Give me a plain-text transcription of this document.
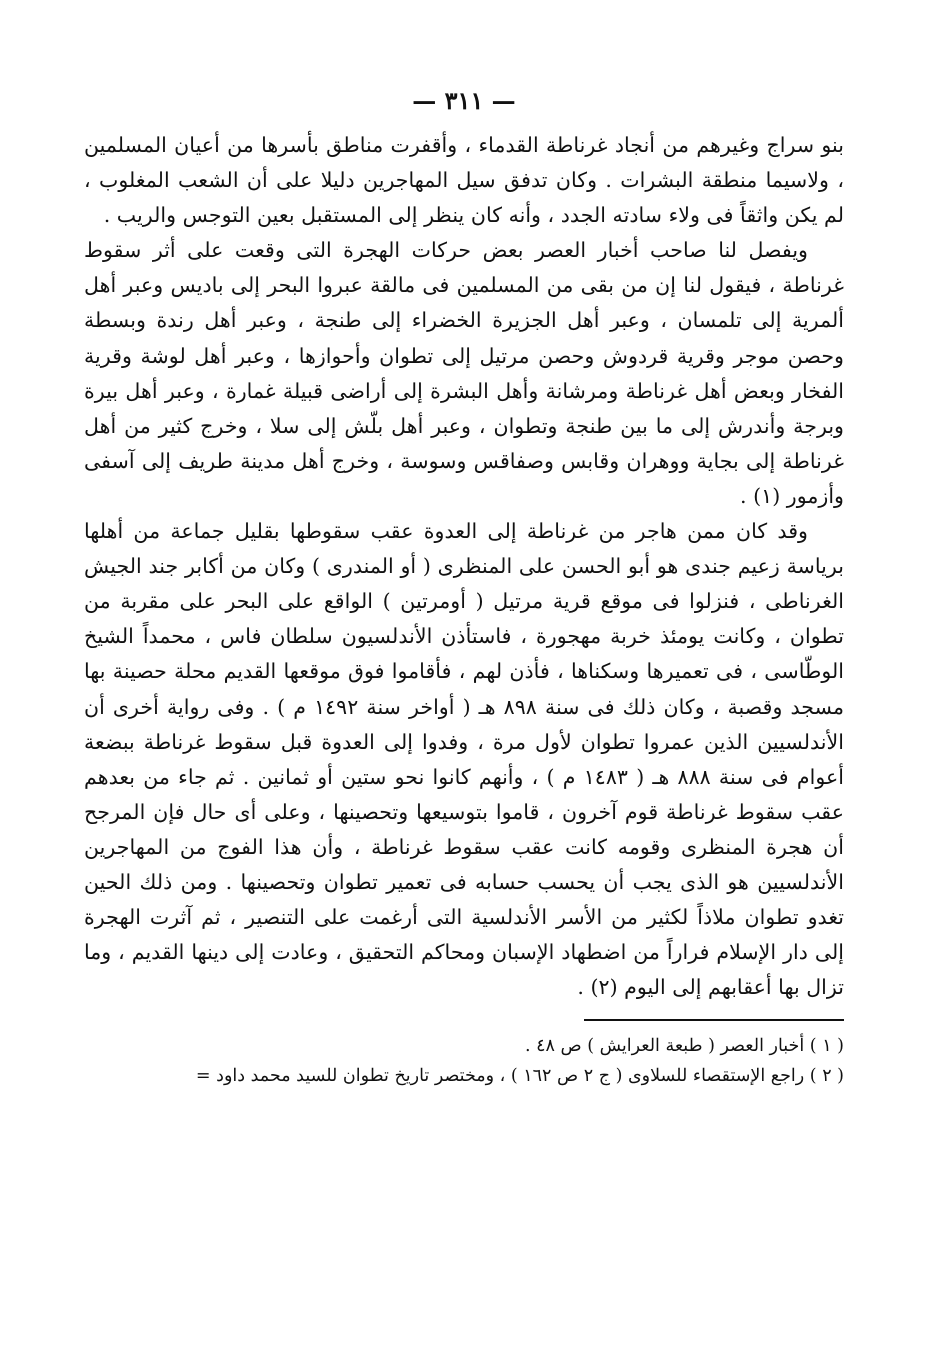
— ٣١١ —

بنو سراج وغيرهم من أنجاد غرناطة القدماء ، وأقفرت مناطق بأسرها من أعيان المسلمين ، ولاسيما منطقة البشرات . وكان تدفق سيل المهاجرين دليلا على أن الشعب المغلوب ، لم يكن واثقاً فى ولاء سادته الجدد ، وأنه كان ينظر إلى المستقبل بعين التوجس والريب .

ويفصل لنا صاحب أخبار العصر بعض حركات الهجرة التى وقعت على أثر سقوط غرناطة ، فيقول لنا إن من بقى من المسلمين فى مالقة عبروا البحر إلى باديس وعبر أهل ألمرية إلى تلمسان ، وعبر أهل الجزيرة الخضراء إلى طنجة ، وعبر أهل رندة وبسطة وحصن موجر وقرية قردوش وحصن مرتيل إلى تطوان وأحوازها ، وعبر أهل لوشة وقرية الفخار وبعض أهل غرناطة ومرشانة وأهل البشرة إلى أراضى قبيلة غمارة ، وعبر أهل بيرة وبرجة وأندرش إلى ما بين طنجة وتطوان ، وعبر أهل بلّش إلى سلا ، وخرج كثير من أهل غرناطة إلى بجاية ووهران وقابس وصفاقس وسوسة ، وخرج أهل مدينة طريف إلى آسفى وأزمور (١) .

وقد كان ممن هاجر من غرناطة إلى العدوة عقب سقوطها بقليل جماعة من أهلها برياسة زعيم جندى هو أبو الحسن على المنظرى ( أو المندرى ) وكان من أكابر جند الجيش الغرناطى ، فنزلوا فى موقع قرية مرتيل ( أومرتين ) الواقع على البحر على مقربة من تطوان ، وكانت يومئذ خربة مهجورة ، فاستأذن الأندلسيون سلطان فاس ، محمداً الشيخ الوطّاسى ، فى تعميرها وسكناها ، فأذن لهم ، فأقاموا فوق موقعها القديم محلة حصينة بها مسجد وقصبة ، وكان ذلك فى سنة ٨٩٨ هـ ( أواخر سنة ١٤٩٢ م ) . وفى رواية أخرى أن الأندلسيين الذين عمروا تطوان لأول مرة ، وفدوا إلى العدوة قبل سقوط غرناطة ببضعة أعوام فى سنة ٨٨٨ هـ ( ١٤٨٣ م ) ، وأنهم كانوا نحو ستين أو ثمانين . ثم جاء من بعدهم عقب سقوط غرناطة قوم آخرون ، قاموا بتوسيعها وتحصينها ، وعلى أى حال فإن المرجح أن هجرة المنظرى وقومه كانت عقب سقوط غرناطة ، وأن هذا الفوج من المهاجرين الأندلسيين هو الذى يجب أن يحسب حسابه فى تعمير تطوان وتحصينها . ومن ذلك الحين تغدو تطوان ملاذاً لكثير من الأسر الأندلسية التى أرغمت على التنصير ، ثم آثرت الهجرة إلى دار الإسلام فراراً من اضطهاد الإسبان ومحاكم التحقيق ، وعادت إلى دينها القديم ، وما تزال بها أعقابهم إلى اليوم (٢) .

( ١ ) أخبار العصر ( طبعة العرايش ) ص ٤٨ .

( ٢ ) راجع الإستقصاء للسلاوى ( ج ٢ ص ١٦٢ ) ، ومختصر تاريخ تطوان للسيد محمد داود =
